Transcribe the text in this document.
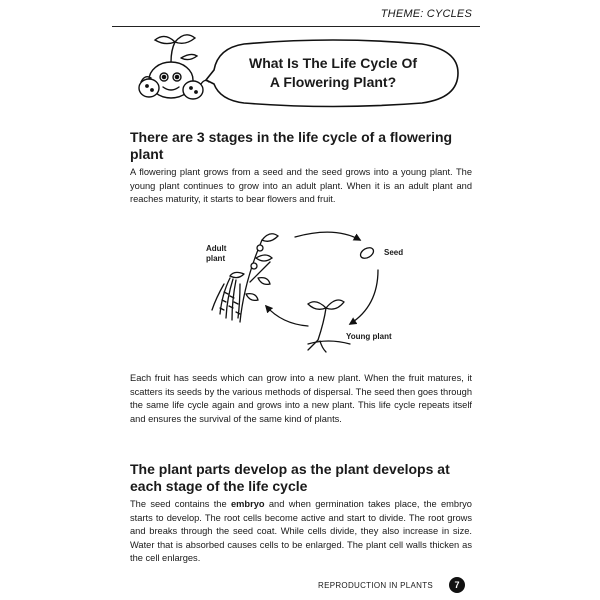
THEME: CYCLES
What Is The Life Cycle Of
A Flowering Plant?
There are 3 stages in the life cycle of a flowering plant

A flowering plant grows from a seed and the seed grows into a young plant. The young plant continues to grow into an adult plant. When it is an adult plant and reaches maturity, it starts to bear flowers and fruit.

Adult
plant
Seed
Young plant

Each fruit has seeds which can grow into a new plant. When the fruit matures, it scatters its seeds by the various methods of dispersal. The seed then goes through the same life cycle again and grows into a new plant. This life cycle repeats itself and ensures the survival of the same kind of plants.

The plant parts develop as the plant develops at each stage of the life cycle

The seed contains the embryo and when germination takes place, the embryo starts to develop. The root cells become active and start to divide. The root grows and breaks through the seed coat. While cells divide, they also increase in size. Water that is absorbed causes cells to be enlarged. The plant cell walls thicken as the cell enlarges.

REPRODUCTION IN PLANTS	7
